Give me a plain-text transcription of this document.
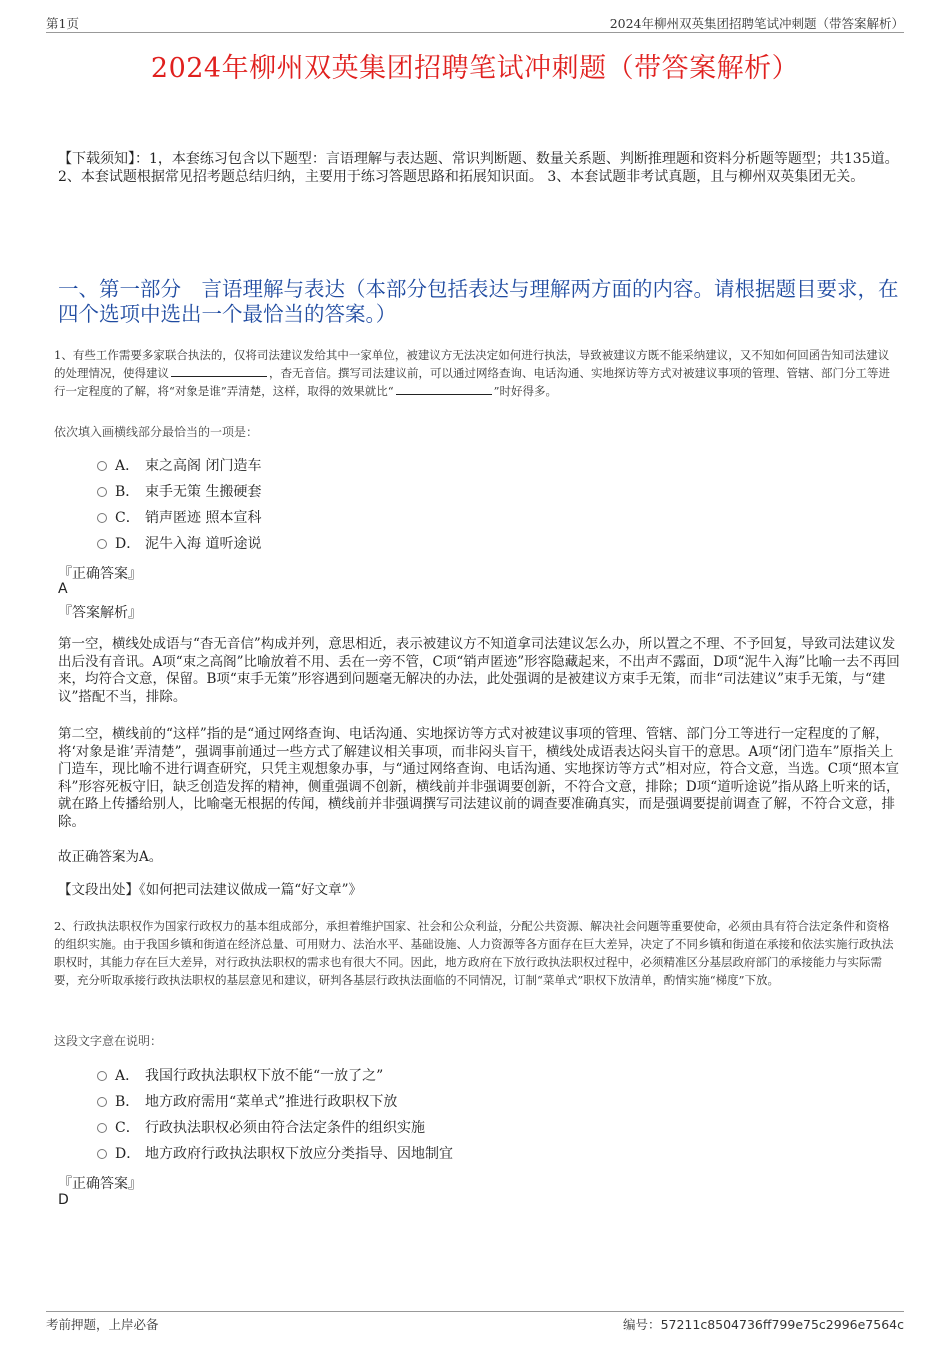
第1页	2024年柳州双英集团招聘笔试冲刺题（带答案解析）
2024年柳州双英集团招聘笔试冲刺题（带答案解析）
【下载须知】：1，本套练习包含以下题型：言语理解与表达题、常识判断题、数量关系题、判断推理题和资料分析题等题型；共135道。 2、本套试题根据常见招考题总结归纳，主要用于练习答题思路和拓展知识面。 3、本套试题非考试真题，且与柳州双英集团无关。
一、第一部分　言语理解与表达（本部分包括表达与理解两方面的内容。请根据题目要求，在四个选项中选出一个最恰当的答案。）
1、有些工作需要多家联合执法的，仅将司法建议发给其中一家单位，被建议方无法决定如何进行执法，导致被建议方既不能采纳建议，又不知如何回函告知司法建议的处理情况，使得建议	，杳无音信。撰写司法建议前，可以通过网络查询、电话沟通、实地探访等方式对被建议事项的管理、管辖、部门分工等进行一定程度的了解，将“对象是谁”弄清楚，这样，取得的效果就比“	”时好得多。
依次填入画横线部分最恰当的一项是：
A． 束之高阁 闭门造车
B． 束手无策 生搬硬套
C． 销声匿迹 照本宣科
D． 泥牛入海 道听途说
『正确答案』
A
『答案解析』
第一空，横线处成语与“杳无音信”构成并列，意思相近，表示被建议方不知道拿司法建议怎么办，所以置之不理、不予回复，导致司法建议发出后没有音讯。A项“束之高阁”比喻放着不用、丢在一旁不管，C项“销声匿迹”形容隐藏起来，不出声不露面，D项“泥牛入海”比喻一去不再回来，均符合文意，保留。B项“束手无策”形容遇到问题毫无解决的办法，此处强调的是被建议方束手无策，而非“司法建议”束手无策，与“建议”搭配不当，排除。
第二空，横线前的“这样”指的是“通过网络查询、电话沟通、实地探访等方式对被建议事项的管理、管辖、部门分工等进行一定程度的了解，将‘对象是谁’弄清楚”，强调事前通过一些方式了解建议相关事项，而非闷头盲干，横线处成语表达闷头盲干的意思。A项“闭门造车”原指关上门造车，现比喻不进行调查研究，只凭主观想象办事，与“通过网络查询、电话沟通、实地探访等方式”相对应，符合文意，当选。C项“照本宣科”形容死板守旧，缺乏创造发挥的精神，侧重强调不创新，横线前并非强调要创新，不符合文意，排除；D项“道听途说”指从路上听来的话，就在路上传播给别人，比喻毫无根据的传闻，横线前并非强调撰写司法建议前的调查要准确真实，而是强调要提前调查了解，不符合文意，排除。
故正确答案为A。
【文段出处】《如何把司法建议做成一篇“好文章”》
2、行政执法职权作为国家行政权力的基本组成部分，承担着维护国家、社会和公众利益，分配公共资源、解决社会问题等重要使命，必须由具有符合法定条件和资格的组织实施。由于我国乡镇和街道在经济总量、可用财力、法治水平、基础设施、人力资源等各方面存在巨大差异，决定了不同乡镇和街道在承接和依法实施行政执法职权时，其能力存在巨大差异，对行政执法职权的需求也有很大不同。因此，地方政府在下放行政执法职权过程中，必须精准区分基层政府部门的承接能力与实际需要，充分听取承接行政执法职权的基层意见和建议，研判各基层行政执法面临的不同情况，订制“菜单式”职权下放清单，酌情实施“梯度”下放。
这段文字意在说明：
A． 我国行政执法职权下放不能“一放了之”
B． 地方政府需用“菜单式”推进行政职权下放
C． 行政执法职权必须由符合法定条件的组织实施
D． 地方政府行政执法职权下放应分类指导、因地制宜
『正确答案』
D
考前押题，上岸必备	编号：57211c8504736ff799e75c2996e7564c
